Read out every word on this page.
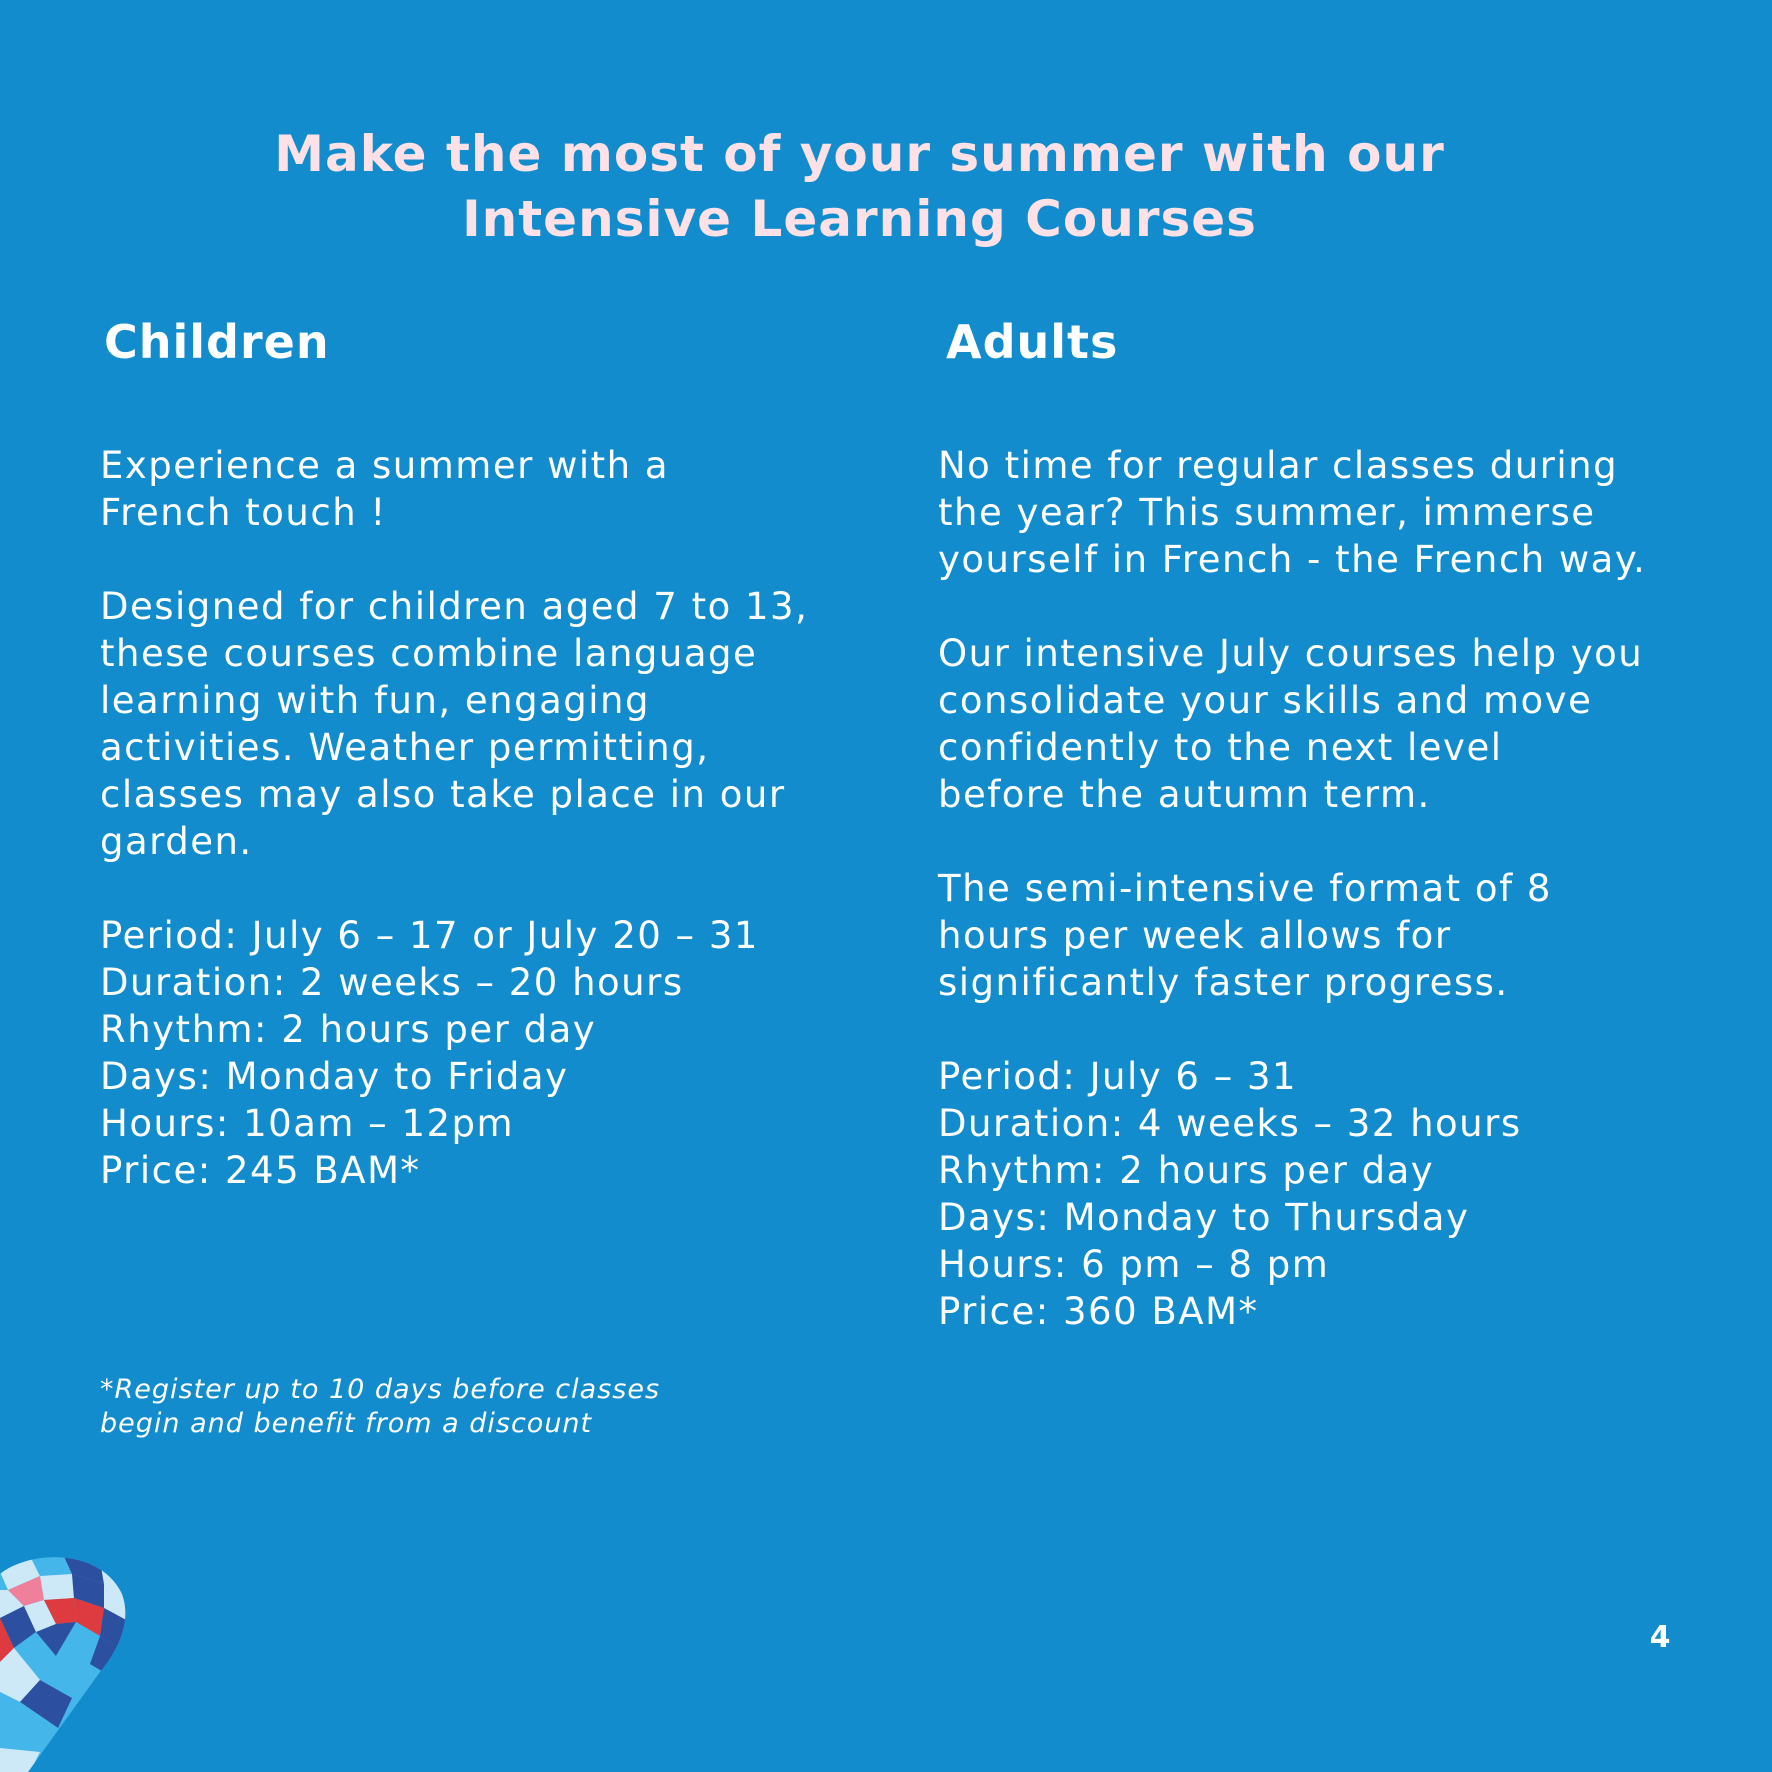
Make the most of your summer with our
Intensive Learning Courses
Children	Adults

Experience a summer with a
French touch !

Designed for children aged 7 to 13,
these courses combine language
learning with fun, engaging
activities. Weather permitting,
classes may also take place in our
garden.

Period: July 6 – 17 or July 20 – 31
Duration: 2 weeks – 20 hours
Rhythm: 2 hours per day
Days: Monday to Friday
Hours: 10am – 12pm
Price: 245 BAM*

No time for regular classes during
the year? This summer, immerse
yourself in French - the French way.

Our intensive July courses help you
consolidate your skills and move
confidently to the next level
before the autumn term.

The semi-intensive format of 8
hours per week allows for
significantly faster progress.

Period: July 6 – 31
Duration: 4 weeks – 32 hours
Rhythm: 2 hours per day
Days: Monday to Thursday
Hours: 6 pm – 8 pm
Price: 360 BAM*

*Register up to 10 days before classes
begin and benefit from a discount
4
